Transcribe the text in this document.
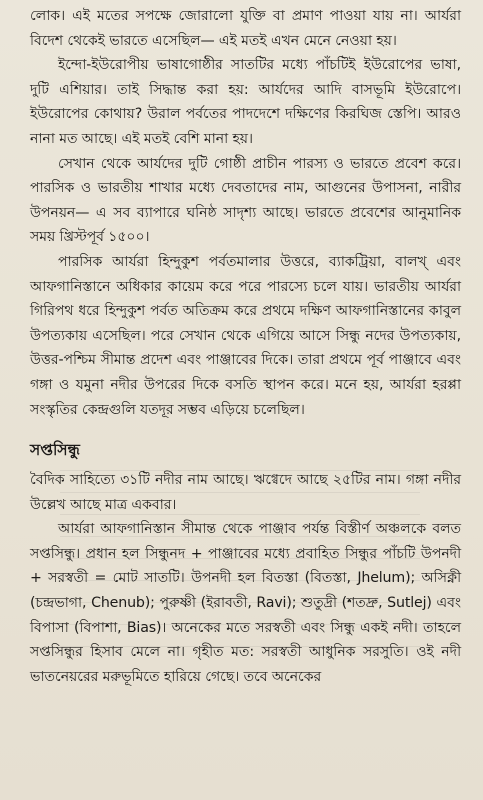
লোক। এই মতের সপক্ষে জোরালো যুক্তি বা প্রমাণ পাওয়া যায় না। আর্যরা বিদেশ থেকেই ভারতে এসেছিল— এই মতই এখন মেনে নেওয়া হয়।

ইন্দো-ইউরোপীয় ভাষাগোষ্ঠীর সাতটির মধ্যে পাঁচটিই ইউরোপের ভাষা, দুটি এশিয়ার। তাই সিদ্ধান্ত করা হয়: আর্যদের আদি বাসভূমি ইউরোপে। ইউরোপের কোথায়? উরাল পর্বতের পাদদেশে দক্ষিণের কিরঘিজ স্তেপি। আরও নানা মত আছে। এই মতই বেশি মানা হয়।

সেখান থেকে আর্যদের দুটি গোষ্ঠী প্রাচীন পারস্য ও ভারতে প্রবেশ করে। পারসিক ও ভারতীয় শাখার মধ্যে দেবতাদের নাম, আগুনের উপাসনা, নারীর উপনয়ন— এ সব ব্যাপারে ঘনিষ্ঠ সাদৃশ্য আছে। ভারতে প্রবেশের আনুমানিক সময় খ্রিস্টপূর্ব ১৫০০।

পারসিক আর্যরা হিন্দুকুশ পর্বতমালার উত্তরে, ব্যাকট্রিয়া, বালখ্ এবং আফগানিস্তানে অধিকার কায়েম করে পরে পারস্যে চলে যায়। ভারতীয় আর্যরা গিরিপথ ধরে হিন্দুকুশ পর্বত অতিক্রম করে প্রথমে দক্ষিণ আফগানিস্তানের কাবুল উপত্যকায় এসেছিল। পরে সেখান থেকে এগিয়ে আসে সিন্ধু নদের উপত্যকায়, উত্তর-পশ্চিম সীমান্ত প্রদেশ এবং পাঞ্জাবের দিকে। তারা প্রথমে পূর্ব পাঞ্জাবে এবং গঙ্গা ও যমুনা নদীর উপরের দিকে বসতি স্থাপন করে। মনে হয়, আর্যরা হরপ্পা সংস্কৃতির কেন্দ্রগুলি যতদূর সম্ভব এড়িয়ে চলেছিল।

সপ্তসিন্ধু

বৈদিক সাহিত্যে ৩১টি নদীর নাম আছে। ঋগ্বেদে আছে ২৫টির নাম। গঙ্গা নদীর উল্লেখ আছে মাত্র একবার।

আর্যরা আফগানিস্তান সীমান্ত থেকে পাঞ্জাব পর্যন্ত বিস্তীর্ণ অঞ্চলকে বলত সপ্তসিন্ধু। প্রধান হল সিন্ধুনদ + পাঞ্জাবের মধ্যে প্রবাহিত সিন্ধুর পাঁচটি উপনদী + সরস্বতী = মোট সাতটি। উপনদী হল বিতস্তা (বিতস্তা, Jhelum); অসিক্নী (চন্দ্রভাগা, Chenub); পুরুষ্ণী (ইরাবতী, Ravi); শুতুদ্রী (শতদ্রু, Sutlej) এবং বিপাসা (বিপাশা, Bias)। অনেকের মতে সরস্বতী এবং সিন্ধু একই নদী। তাহলে সপ্তসিন্ধুর হিসাব মেলে না। গৃহীত মত: সরস্বতী আধুনিক সরসুতি। ওই নদী ভাতনেয়রের মরুভূমিতে হারিয়ে গেছে। তবে অনেকের
